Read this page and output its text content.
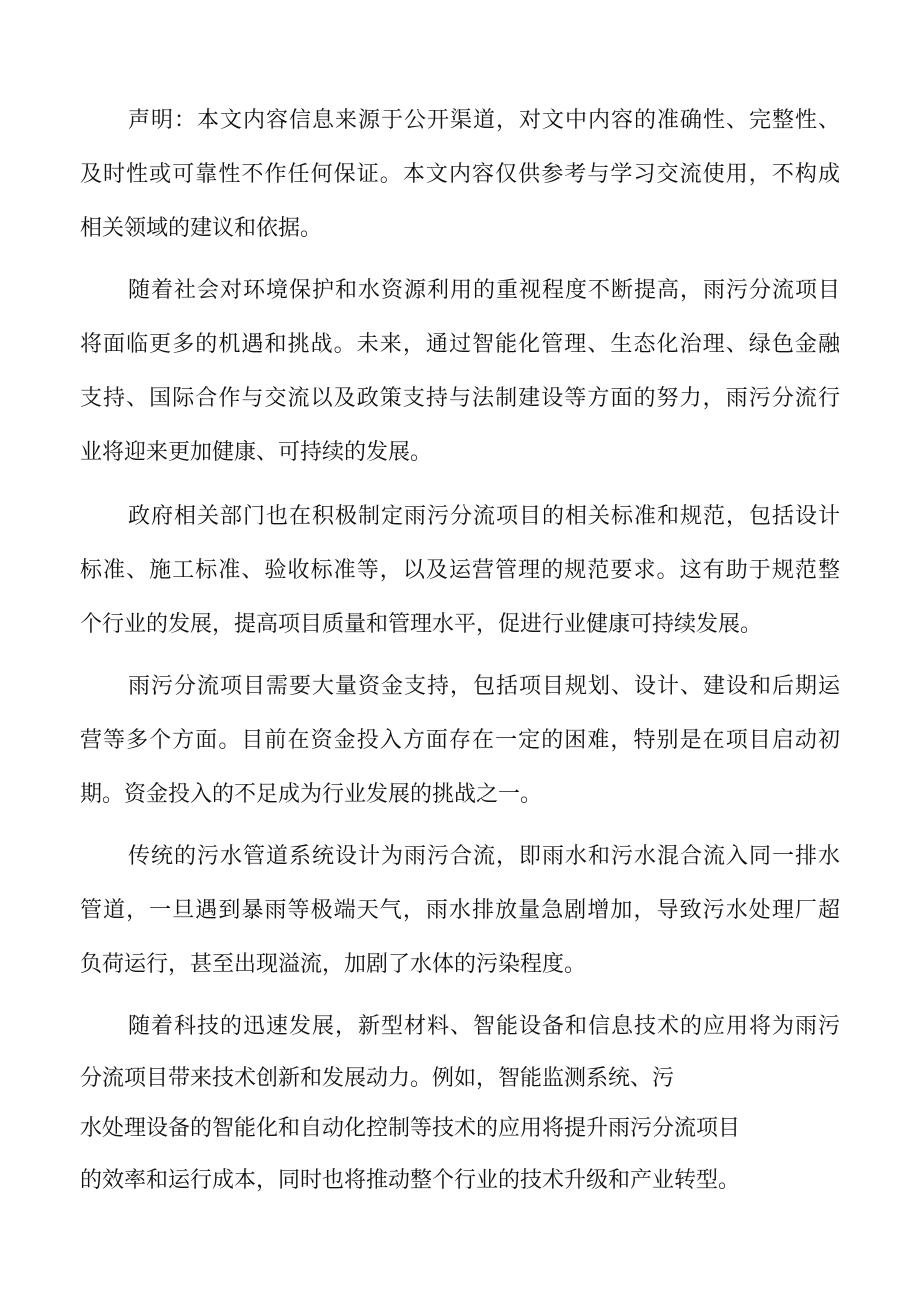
声明：本文内容信息来源于公开渠道，对文中内容的准确性、完整性、
及时性或可靠性不作任何保证。本文内容仅供参考与学习交流使用，不构成
相关领域的建议和依据。
随着社会对环境保护和水资源利用的重视程度不断提高，雨污分流项目
将面临更多的机遇和挑战。未来，通过智能化管理、生态化治理、绿色金融
支持、国际合作与交流以及政策支持与法制建设等方面的努力，雨污分流行
业将迎来更加健康、可持续的发展。
政府相关部门也在积极制定雨污分流项目的相关标准和规范，包括设计
标准、施工标准、验收标准等，以及运营管理的规范要求。这有助于规范整
个行业的发展，提高项目质量和管理水平，促进行业健康可持续发展。
雨污分流项目需要大量资金支持，包括项目规划、设计、建设和后期运
营等多个方面。目前在资金投入方面存在一定的困难，特别是在项目启动初
期。资金投入的不足成为行业发展的挑战之一。
传统的污水管道系统设计为雨污合流，即雨水和污水混合流入同一排水
管道，一旦遇到暴雨等极端天气，雨水排放量急剧增加，导致污水处理厂超
负荷运行，甚至出现溢流，加剧了水体的污染程度。
随着科技的迅速发展，新型材料、智能设备和信息技术的应用将为雨污
分流项目带来技术创新和发展动力。例如，智能监测系统、污
水处理设备的智能化和自动化控制等技术的应用将提升雨污分流项目
的效率和运行成本，同时也将推动整个行业的技术升级和产业转型。
